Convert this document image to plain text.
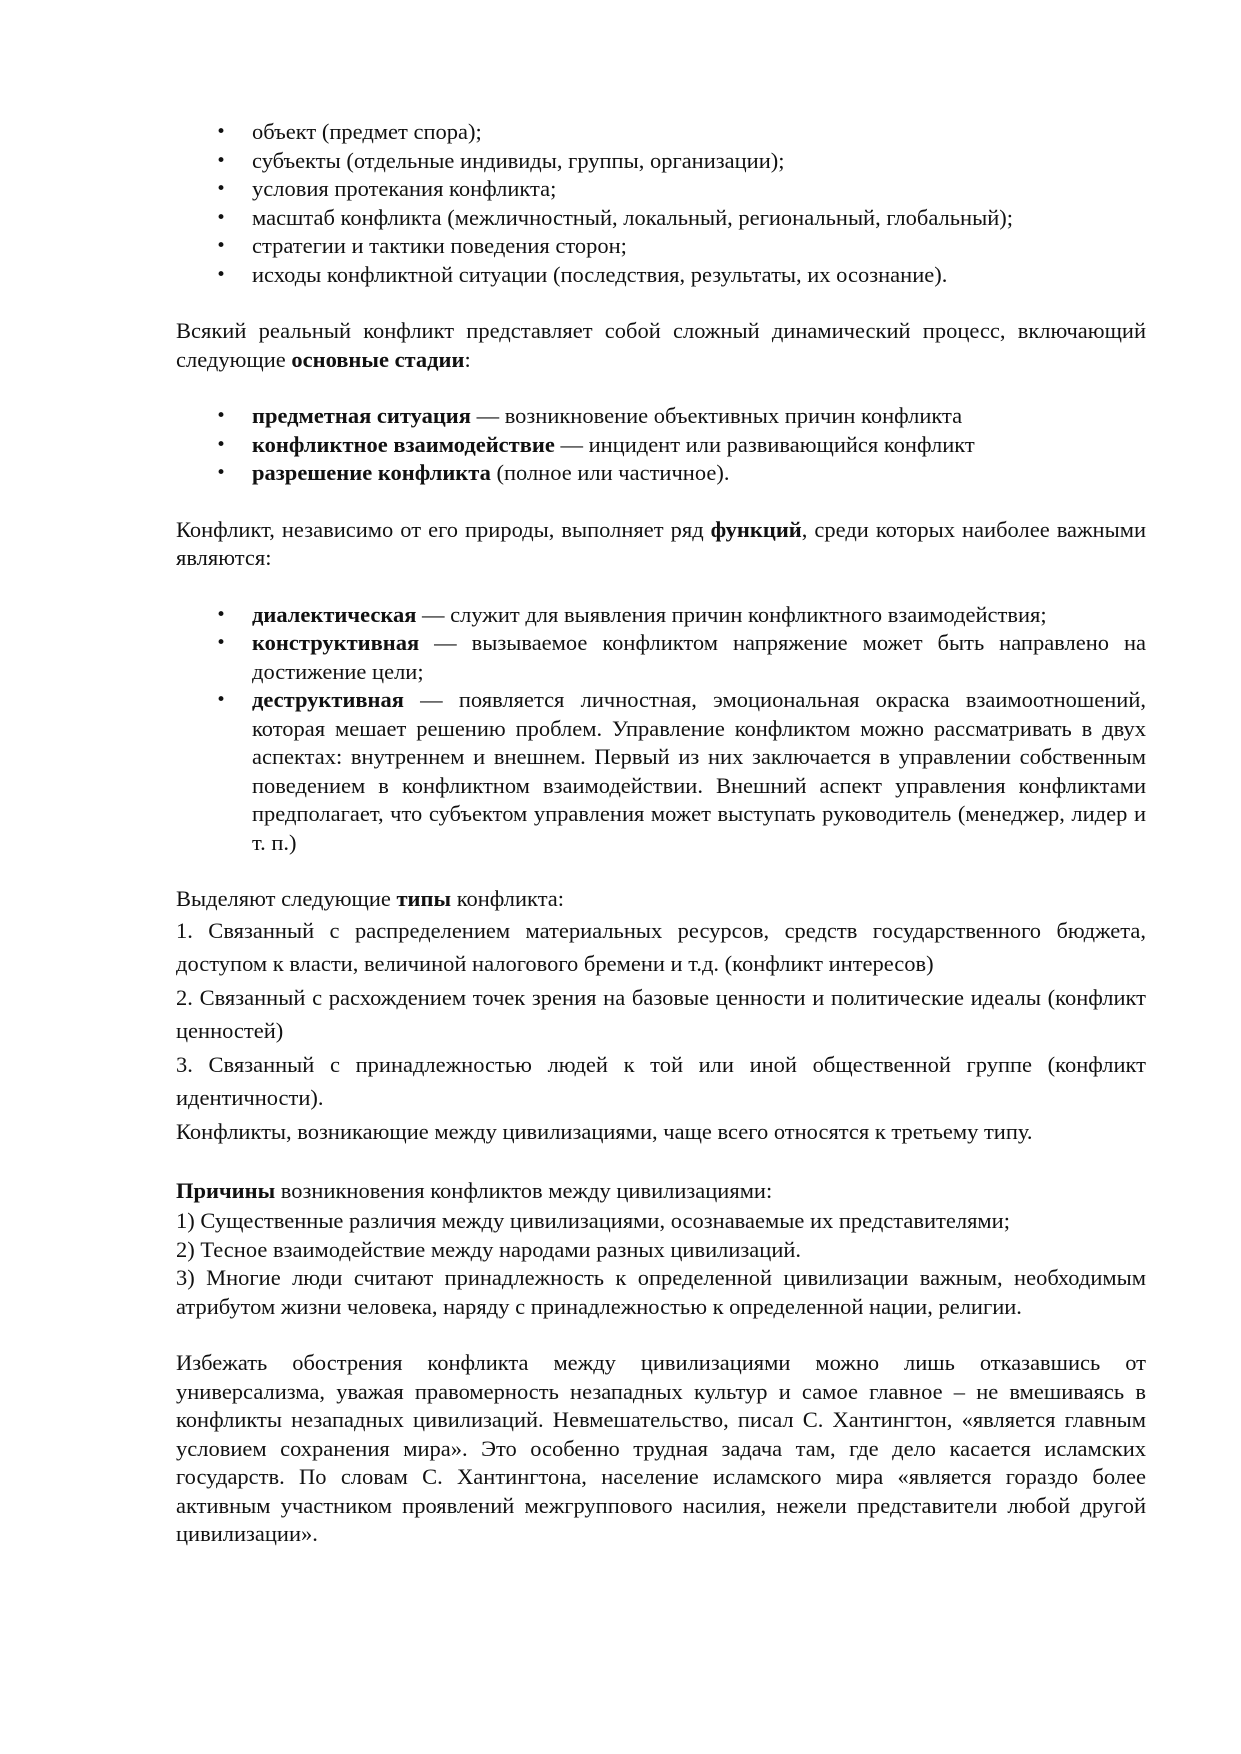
• объект (предмет спора);
• субъекты (отдельные индивиды, группы, организации);
• условия протекания конфликта;
• масштаб конфликта (межличностный, локальный, региональный, глобальный);
• стратегии и тактики поведения сторон;
• исходы конфликтной ситуации (последствия, результаты, их осознание).

Всякий реальный конфликт представляет собой сложный динамический процесс, включающий следующие основные стадии:

• предметная ситуация — возникновение объективных причин конфликта
• конфликтное взаимодействие — инцидент или развивающийся конфликт
• разрешение конфликта (полное или частичное).

Конфликт, независимо от его природы, выполняет ряд функций, среди которых наиболее важными являются:

• диалектическая — служит для выявления причин конфликтного взаимодействия;
• конструктивная — вызываемое конфликтом напряжение может быть направлено на достижение цели;
• деструктивная — появляется личностная, эмоциональная окраска взаимоотношений, которая мешает решению проблем. Управление конфликтом можно рассматривать в двух аспектах: внутреннем и внешнем. Первый из них заключается в управлении собственным поведением в конфликтном взаимодействии. Внешний аспект управления конфликтами предполагает, что субъектом управления может выступать руководитель (менеджер, лидер и т. п.)

Выделяют следующие типы конфликта:

1. Связанный с распределением материальных ресурсов, средств государственного бюджета, доступом к власти, величиной налогового бремени и т.д. (конфликт интересов)

2. Связанный с расхождением точек зрения на базовые ценности и политические идеалы (конфликт ценностей)

3. Связанный с принадлежностью людей к той или иной общественной группе (конфликт идентичности).

Конфликты, возникающие между цивилизациями, чаще всего относятся к третьему типу.

Причины возникновения конфликтов между цивилизациями:

1) Существенные различия между цивилизациями, осознаваемые их представителями;

2) Тесное взаимодействие между народами разных цивилизаций.

3) Многие люди считают принадлежность к определенной цивилизации важным, необходимым атрибутом жизни человека, наряду с принадлежностью к определенной нации, религии.

Избежать обострения конфликта между цивилизациями можно лишь отказавшись от универсализма, уважая правомерность незападных культур и самое главное – не вмешиваясь в конфликты незападных цивилизаций. Невмешательство, писал С. Хантингтон, «является главным условием сохранения мира». Это особенно трудная задача там, где дело касается исламских государств. По словам С. Хантингтона, население исламского мира «является гораздо более активным участником проявлений межгруппового насилия, нежели представители любой другой цивилизации».
